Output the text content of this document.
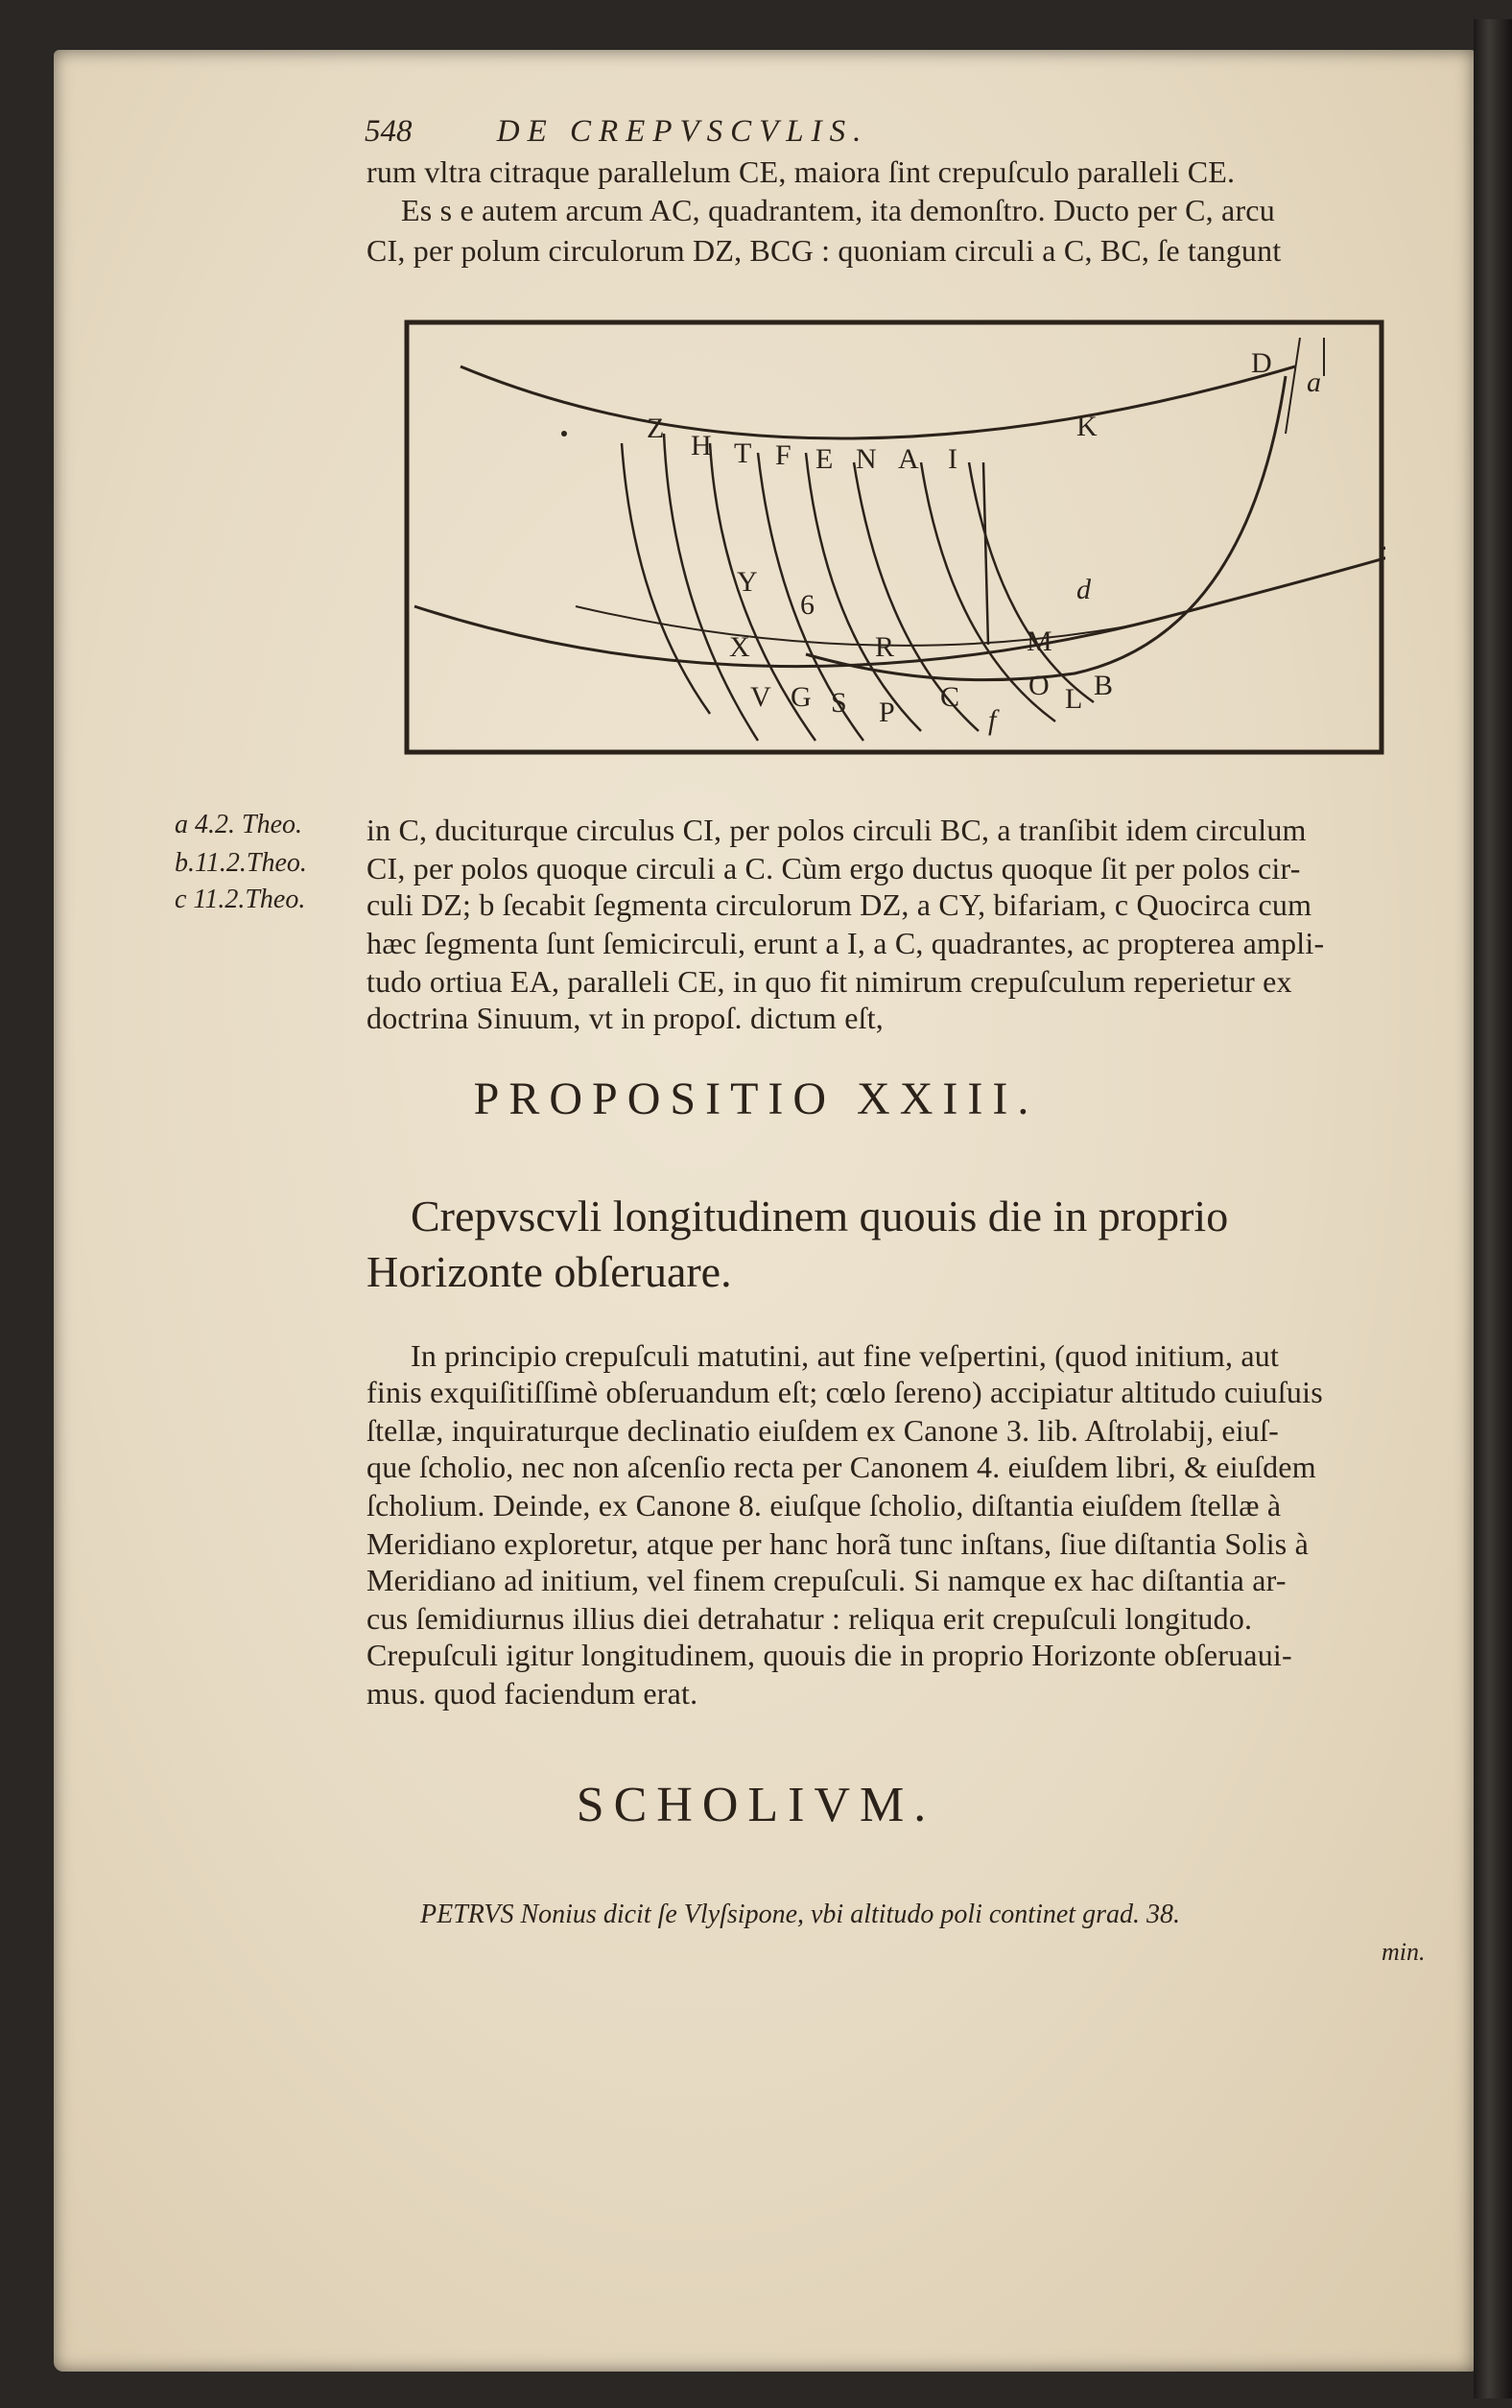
548	DE CREPVSCVLIS.
rum vltra citraque parallelum CE, maiora ſint crepuſculo paralleli CE.
Es s e autem arcum AC, quadrantem, ita demonſtro. Ducto per C, arcu
CI, per polum circulorum DZ, BCG : quoniam circuli a C, BC, ſe tangunt
Z
H T F E N A I
K
D
a
Y
6	d
X	R	M
V G S P C
f
O L B
a 4.2. Theo.
b.11.2.Theo.
c 11.2.Theo.
in C, duciturque circulus CI, per polos circuli BC, a tranſibit idem circulum
CI, per polos quoque circuli a C. Cùm ergo ductus quoque ſit per polos cir-
culi DZ; b ſecabit ſegmenta circulorum DZ, a CY, bifariam, c Quocirca cum
hæc ſegmenta ſunt ſemicirculi, erunt a I, a C, quadrantes, ac propterea ampli-
tudo ortiua EA, paralleli CE, in quo fit nimirum crepuſculum reperietur ex
doctrina Sinuum, vt in propoſ. dictum eſt,
PROPOSITIO XXIII.
Crepvscvli longitudinem quouis die in proprio
Horizonte obſeruare.
In principio crepuſculi matutini, aut fine veſpertini, (quod initium, aut
finis exquiſitiſſimè obſeruandum eſt; cœlo ſereno) accipiatur altitudo cuiuſuis
ſtellæ, inquiraturque declinatio eiuſdem ex Canone 3. lib. Aſtrolabij, eiuſ-
que ſcholio, nec non aſcenſio recta per Canonem 4. eiuſdem libri, & eiuſdem
ſcholium. Deinde, ex Canone 8. eiuſque ſcholio, diſtantia eiuſdem ſtellæ à
Meridiano exploretur, atque per hanc horã tunc inſtans, ſiue diſtantia Solis à
Meridiano ad initium, vel finem crepuſculi. Si namque ex hac diſtantia ar-
cus ſemidiurnus illius diei detrahatur : reliqua erit crepuſculi longitudo.
Crepuſculi igitur longitudinem, quouis die in proprio Horizonte obſeruaui-
mus. quod faciendum erat.
SCHOLIVM.
PETRVS Nonius dicit ſe Vlyſsipone, vbi altitudo poli continet grad. 38.
min.
